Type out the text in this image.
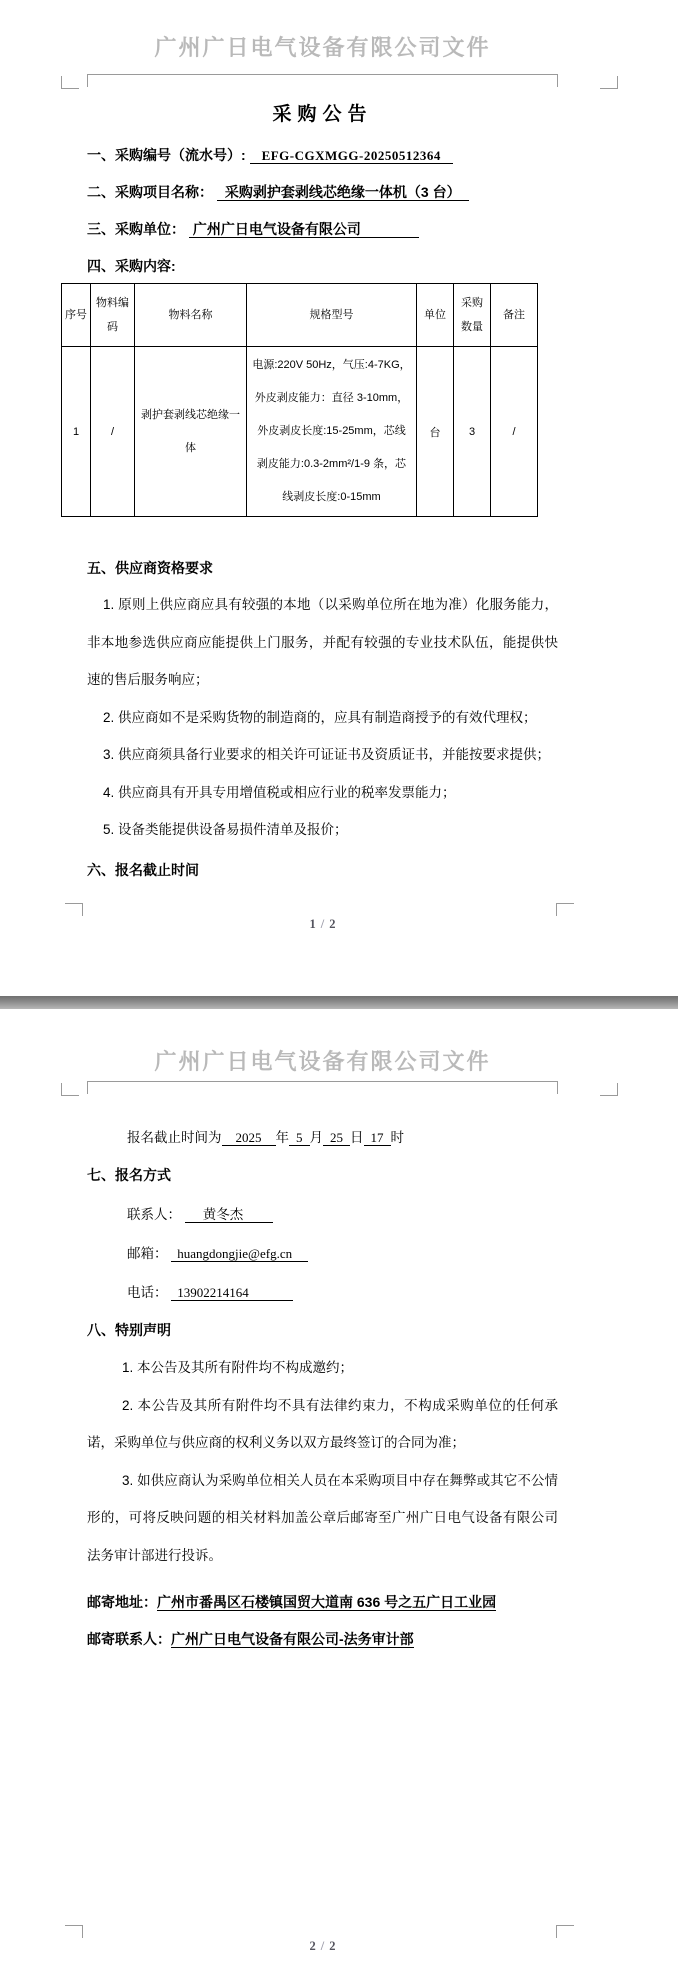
广州广日电气设备有限公司文件
采购公告
一、采购编号（流水号）: EFG-CGXMGG-20250512364
二、采购项目名称： 采购剥护套剥线芯绝缘一体机（3 台）
三、采购单位： 广州广日电气设备有限公司
四、采购内容:
序号	物料编码	物料名称	规格型号	单位	采购数量	备注
1	/	剥护套剥线芯绝缘一体	电源:220V 50Hz，气压:4-7KG，
外皮剥皮能力：直径 3-10mm，
外皮剥皮长度:15-25mm，芯线
剥皮能力:0.3-2mm²/1-9 条，芯
线剥皮长度:0-15mm	台	3	/
五、供应商资格要求

1. 原则上供应商应具有较强的本地（以采购单位所在地为准）化服务能力，非本地参选供应商应能提供上门服务，并配有较强的专业技术队伍，能提供快速的售后服务响应；

2. 供应商如不是采购货物的制造商的，应具有制造商授予的有效代理权；

3. 供应商须具备行业要求的相关许可证证书及资质证书，并能按要求提供；

4. 供应商具有开具专用增值税或相应行业的税率发票能力；

5. 设备类能提供设备易损件清单及报价；

六、报名截止时间
1 / 2
广州广日电气设备有限公司文件
报名截止时间为 2025 年 5 月 25 日 17 时
七、报名方式
联系人： 黄冬杰
邮箱： huangdongjie@efg.cn
电话： 13902214164
八、特别声明

1. 本公告及其所有附件均不构成邀约；

2. 本公告及其所有附件均不具有法律约束力，不构成采购单位的任何承诺，采购单位与供应商的权利义务以双方最终签订的合同为准；

3. 如供应商认为采购单位相关人员在本采购项目中存在舞弊或其它不公情形的，可将反映问题的相关材料加盖公章后邮寄至广州广日电气设备有限公司法务审计部进行投诉。

邮寄地址：广州市番禺区石楼镇国贸大道南 636 号之五广日工业园
邮寄联系人：广州广日电气设备有限公司-法务审计部
2 / 2
